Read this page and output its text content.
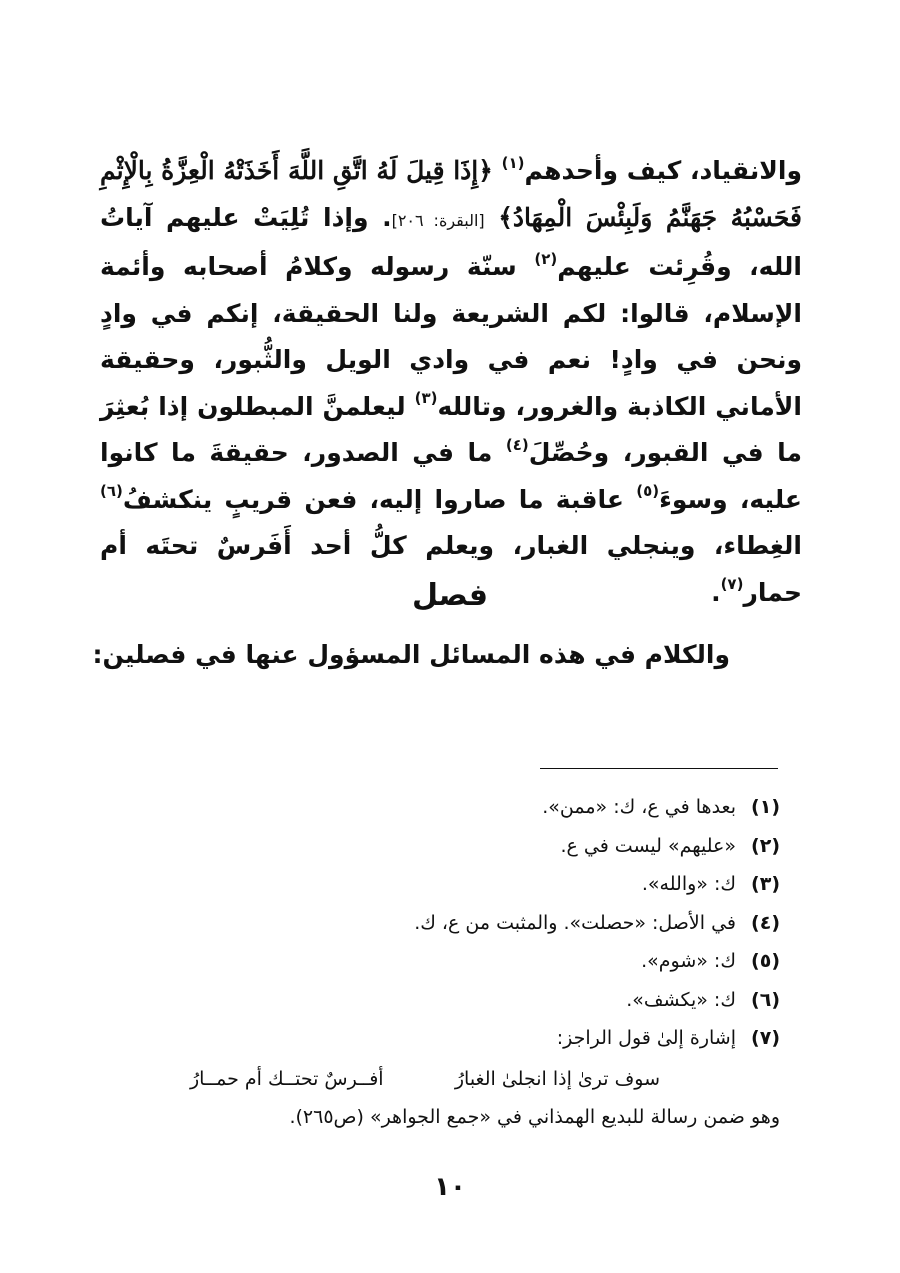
والانقياد، كيف وأحدهم$^{(١)}$ ﴿إِذَا قِيلَ لَهُ اتَّقِ اللَّهَ أَخَذَتْهُ الْعِزَّةُ بِالْإِثْمِ فَحَسْبُهُ جَهَنَّمُ وَلَبِئْسَ الْمِهَادُ﴾ [البقرة: ٢٠٦]. وإذا تُلِيَتْ عليهم آياتُ الله، وقُرِئت عليهم$^{(٢)}$ سنّة رسوله وكلامُ أصحابه وأئمة الإسلام، قالوا: لكم الشريعة ولنا الحقيقة، إنكم في وادٍ ونحن في وادٍ! نعم في وادي الويل والثُّبور، وحقيقة الأماني الكاذبة والغرور، وتالله$^{(٣)}$ ليعلمنَّ المبطلون إذا بُعثِرَ ما في القبور، وحُصِّلَ$^{(٤)}$ ما في الصدور، حقيقةَ ما كانوا عليه، وسوءَ$^{(٥)}$ عاقبة ما صاروا إليه، فعن قريبٍ ينكشفُ$^{(٦)}$ الغِطاء، وينجلي الغبار، ويعلم كلُّ أحد أَفَرسٌ تحتَه أم حمار$^{(٧)}$.

فصل

والكلام في هذه المسائل المسؤول عنها في فصلين:

(١)
بعدها في ع، ك: «ممن».
(٢)
«عليهم» ليست في ع.
(٣)
ك: «والله».
(٤)
في الأصل: «حصلت». والمثبت من ع، ك.
(٥)
ك: «شوم».
(٦)
ك: «يكشف».
(٧)
إشارة إلىٰ قول الراجز:
سوف ترىٰ إذا انجلىٰ الغبارُ
أفــرسٌ تحتــك أم حمــارُ
وهو ضمن رسالة للبديع الهمذاني في «جمع الجواهر» (ص٢٦٥).
١٠
